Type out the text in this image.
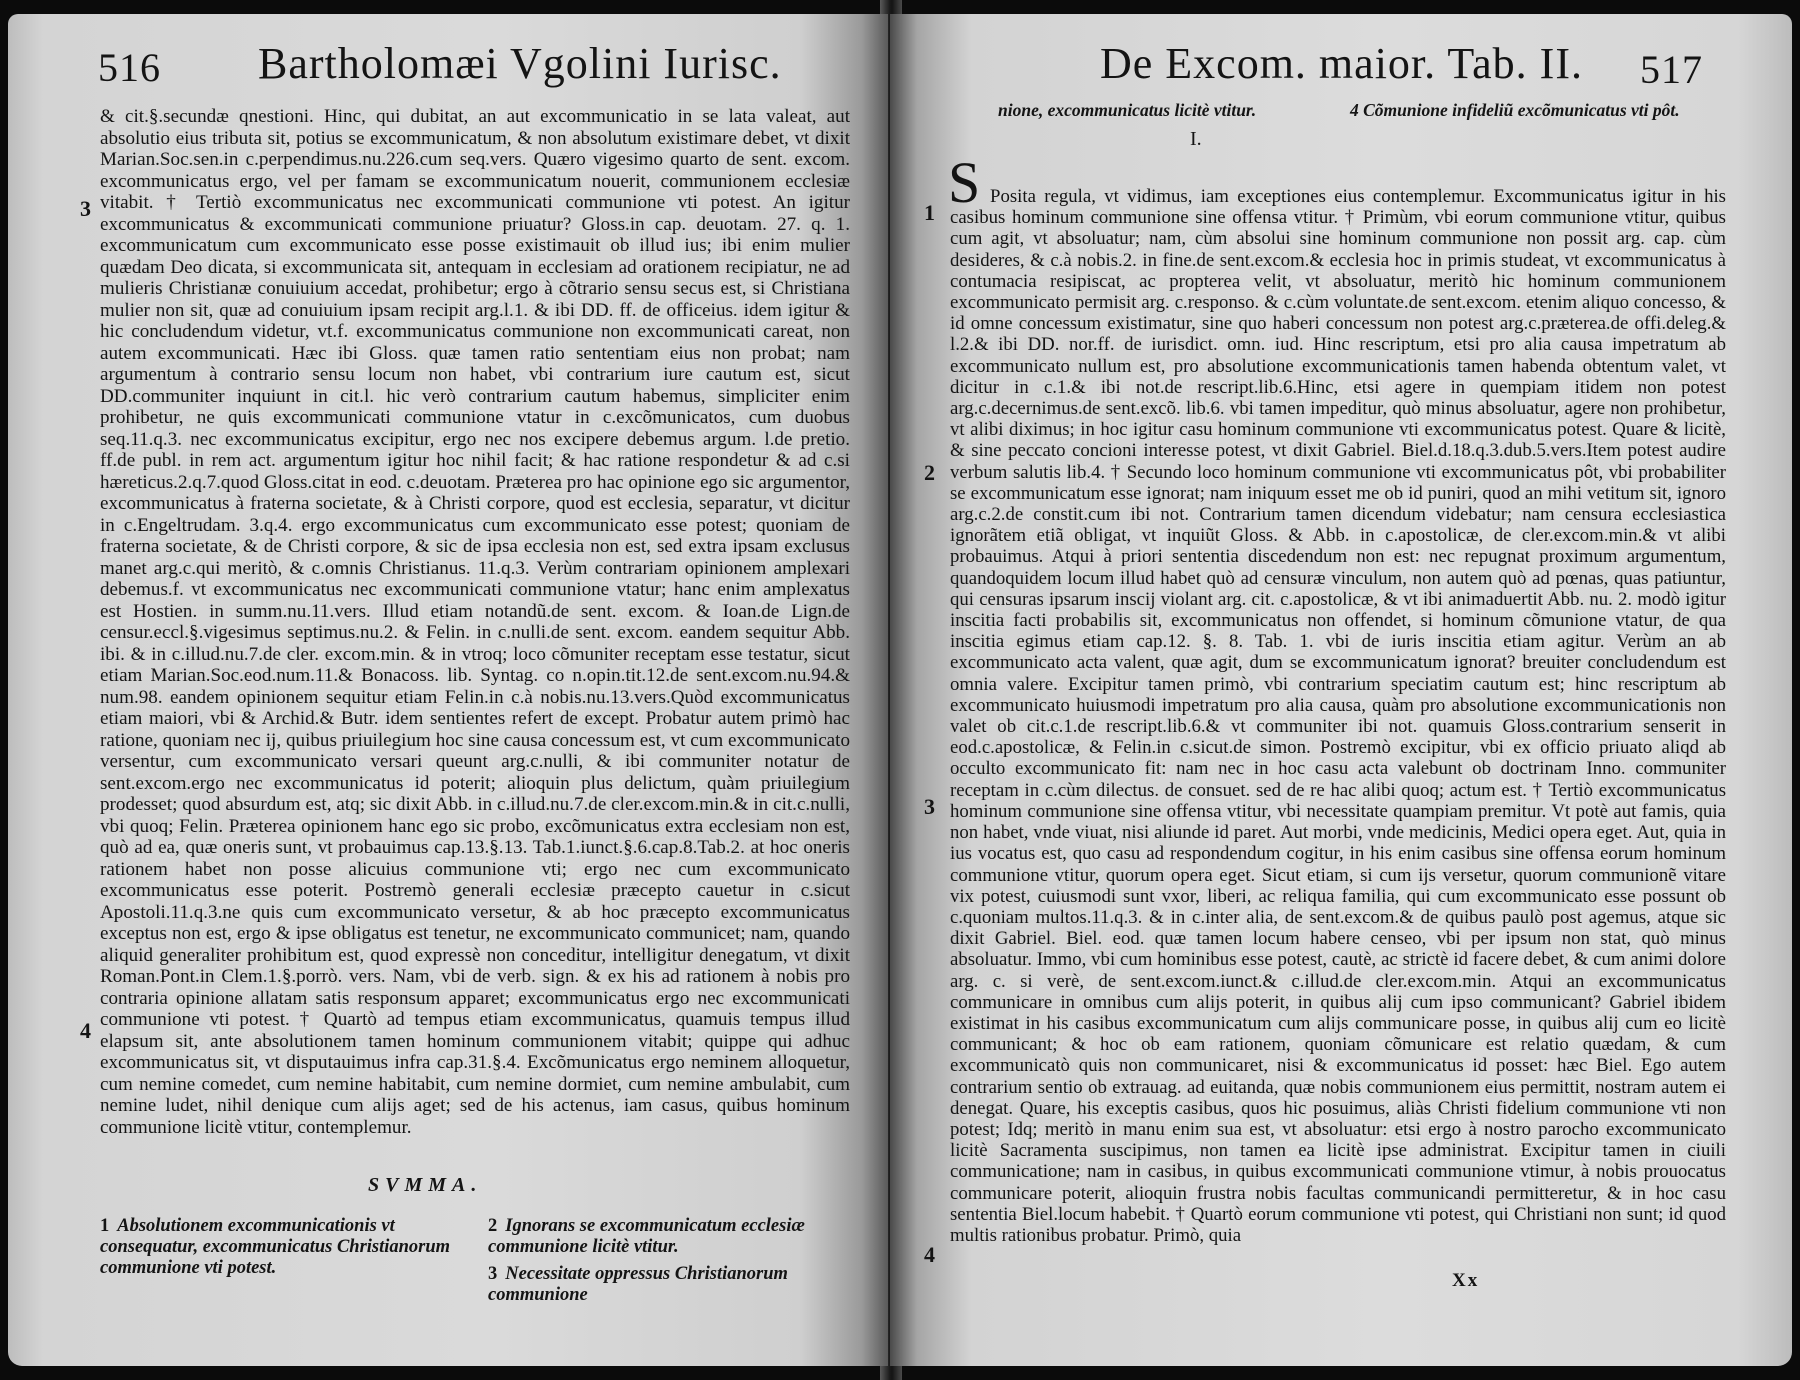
516 Bartholomæi Vgolini Iurisc.
& cit.§.secundæ qnestioni. Hinc, qui dubitat, an aut excommunicatio in se lata valeat, aut absolutio eius tributa sit, potius se excommunicatum, & non absolutum existimare debet, vt dixit Marian.Soc.sen.in c.perpendimus.nu.226.cum seq.vers. Quæro vigesimo quarto de sent. excom. excommunicatus ergo, vel per famam se excommunicatum nouerit, communionem ecclesiæ vitabit. † Tertiò excommunicatus nec excommunicati communione vti potest. An igitur excommunicatus & excommunicati communione priuatur? Gloss.in cap. deuotam. 27. q. 1. excommunicatum cum excommunicato esse posse existimauit ob illud ius; ibi enim mulier quædam Deo dicata, si excommunicata sit, antequam in ecclesiam ad orationem recipiatur, ne ad mulieris Christianæ conuiuium accedat, prohibetur; ergo à cõtrario sensu secus est, si Christiana mulier non sit, quæ ad conuiuium ipsam recipit arg.l.1. & ibi DD. ff. de officeius. idem igitur & hic concludendum videtur, vt.f. excommunicatus communione non excommunicati careat, non autem excommunicati. Hæc ibi Gloss. quæ tamen ratio sententiam eius non probat; nam argumentum à contrario sensu locum non habet, vbi contrarium iure cautum est, sicut DD.communiter inquiunt in cit.l. hic verò contrarium cautum habemus, simpliciter enim prohibetur, ne quis excommunicati communione vtatur in c.excõmunicatos, cum duobus seq.11.q.3. nec excommunicatus excipitur, ergo nec nos excipere debemus argum. l.de pretio. ff.de publ. in rem act. argumentum igitur hoc nihil facit; & hac ratione respondetur & ad c.si hæreticus.2.q.7.quod Gloss.citat in eod. c.deuotam. Præterea pro hac opinione ego sic argumentor, excommunicatus à fraterna societate, & à Christi corpore, quod est ecclesia, separatur, vt dicitur in c.Engeltrudam. 3.q.4. ergo excommunicatus cum excommunicato esse potest; quoniam de fraterna societate, & de Christi corpore, & sic de ipsa ecclesia non est, sed extra ipsam exclusus manet arg.c.qui meritò, & c.omnis Christianus. 11.q.3. Verùm contrariam opinionem amplexari debemus.f. vt excommunicatus nec excommunicati communione vtatur; hanc enim amplexatus est Hostien. in summ.nu.11.vers. Illud etiam notandũ.de sent. excom. & Ioan.de Lign.de censur.eccl.§.vigesimus septimus.nu.2. & Felin. in c.nulli.de sent. excom. eandem sequitur Abb. ibi. & in c.illud.nu.7.de cler. excom.min. & in vtroq; loco cõmuniter receptam esse testatur, sicut etiam Marian.Soc.eod.num.11.& Bonacoss. lib. Syntag. co n.opin.tit.12.de sent.excom.nu.94.& num.98. eandem opinionem sequitur etiam Felin.in c.à nobis.nu.13.vers.Quòd excommunicatus etiam maiori, vbi & Archid.& Butr. idem sentientes refert de except. Probatur autem primò hac ratione, quoniam nec ij, quibus priuilegium hoc sine causa concessum est, vt cum excommunicato versentur, cum excommunicato versari queunt arg.c.nulli, & ibi communiter notatur de sent.excom.ergo nec excommunicatus id poterit; alioquin plus delictum, quàm priuilegium prodesset; quod absurdum est, atq; sic dixit Abb. in c.illud.nu.7.de cler.excom.min.& in cit.c.nulli, vbi quoq; Felin. Præterea opinionem hanc ego sic probo, excõmunicatus extra ecclesiam non est, quò ad ea, quæ oneris sunt, vt probauimus cap.13.§.13. Tab.1.iunct.§.6.cap.8.Tab.2. at hoc oneris rationem habet non posse alicuius communione vti; ergo nec cum excommunicato excommunicatus esse poterit. Postremò generali ecclesiæ præcepto cauetur in c.sicut Apostoli.11.q.3.ne quis cum excommunicato versetur, & ab hoc præcepto excommunicatus exceptus non est, ergo & ipse obligatus est tenetur, ne excommunicato communicet; nam, quando aliquid generaliter prohibitum est, quod expressè non conceditur, intelligitur denegatum, vt dixit Roman.Pont.in Clem.1.§.porrò. vers. Nam, vbi de verb. sign. & ex his ad rationem à nobis pro contraria opinione allatam satis responsum apparet; excommunicatus ergo nec excommunicati communione vti potest. † Quartò ad tempus etiam excommunicatus, quamuis tempus illud elapsum sit, ante absolutionem tamen hominum communionem vitabit; quippe qui adhuc excommunicatus sit, vt disputauimus infra cap.31.§.4. Excõmunicatus ergo neminem alloquetur, cum nemine comedet, cum nemine habitabit, cum nemine dormiet, cum nemine ambulabit, cum nemine ludet, nihil denique cum alijs aget; sed de his actenus, iam casus, quibus hominum communione licitè vtitur, contemplemur.
3
4
SVMMA.
1 Absolutionem excommunicationis vt consequatur, excommunicatus Christianorum communione vti potest.
2 Ignorans se excommunicatum ecclesiæ communione licitè vtitur.
3 Necessitate oppressus Christianorum communione
De Excom. maior. Tab. II. 517
nione, excommunicatus licitè vtitur.	4 Cõmunione infideliũ excõmunicatus vti pôt.
I.
S Posita regula, vt vidimus, iam exceptiones eius contemplemur. Excommunicatus igitur in his casibus hominum communione sine offensa vtitur. † Primùm, vbi eorum communione vtitur, quibus cum agit, vt absoluatur; nam, cùm absolui sine hominum communione non possit arg. cap. cùm desideres, & c.à nobis.2. in fine.de sent.excom.& ecclesia hoc in primis studeat, vt excommunicatus à contumacia resipiscat, ac propterea velit, vt absoluatur, meritò hic hominum communionem excommunicato permisit arg. c.responso. & c.cùm voluntate.de sent.excom. etenim aliquo concesso, & id omne concessum existimatur, sine quo haberi concessum non potest arg.c.præterea.de offi.deleg.& l.2.& ibi DD. nor.ff. de iurisdict. omn. iud. Hinc rescriptum, etsi pro alia causa impetratum ab excommunicato nullum est, pro absolutione excommunicationis tamen habenda obtentum valet, vt dicitur in c.1.& ibi not.de rescript.lib.6.Hinc, etsi agere in quempiam itidem non potest arg.c.decernimus.de sent.excõ. lib.6. vbi tamen impeditur, quò minus absoluatur, agere non prohibetur, vt alibi diximus; in hoc igitur casu hominum communione vti excommunicatus potest. Quare & licitè, & sine peccato concioni interesse potest, vt dixit Gabriel. Biel.d.18.q.3.dub.5.vers.Item potest audire verbum salutis lib.4. † Secundo loco hominum communione vti excommunicatus pôt, vbi probabiliter se excommunicatum esse ignorat; nam iniquum esset me ob id puniri, quod an mihi vetitum sit, ignoro arg.c.2.de constit.cum ibi not. Contrarium tamen dicendum videbatur; nam censura ecclesiastica ignorãtem etiã obligat, vt inquiũt Gloss. & Abb. in c.apostolicæ, de cler.excom.min.& vt alibi probauimus. Atqui à priori sententia discedendum non est: nec repugnat proximum argumentum, quandoquidem locum illud habet quò ad censuræ vinculum, non autem quò ad pœnas, quas patiuntur, qui censuras ipsarum inscij violant arg. cit. c.apostolicæ, & vt ibi animaduertit Abb. nu. 2. modò igitur inscitia facti probabilis sit, excommunicatus non offendet, si hominum cõmunione vtatur, de qua inscitia egimus etiam cap.12. §. 8. Tab. 1. vbi de iuris inscitia etiam agitur. Verùm an ab excommunicato acta valent, quæ agit, dum se excommunicatum ignorat? breuiter concludendum est omnia valere. Excipitur tamen primò, vbi contrarium speciatim cautum est; hinc rescriptum ab excommunicato huiusmodi impetratum pro alia causa, quàm pro absolutione excommunicationis non valet ob cit.c.1.de rescript.lib.6.& vt communiter ibi not. quamuis Gloss.contrarium senserit in eod.c.apostolicæ, & Felin.in c.sicut.de simon. Postremò excipitur, vbi ex officio priuato aliqd ab occulto excommunicato fit: nam nec in hoc casu acta valebunt ob doctrinam Inno. communiter receptam in c.cùm dilectus. de consuet. sed de re hac alibi quoq; actum est. † Tertiò excommunicatus hominum communione sine offensa vtitur, vbi necessitate quampiam premitur. Vt potè aut famis, quia non habet, vnde viuat, nisi aliunde id paret. Aut morbi, vnde medicinis, Medici opera eget. Aut, quia in ius vocatus est, quo casu ad respondendum cogitur, in his enim casibus sine offensa eorum hominum communione vtitur, quorum opera eget. Sicut etiam, si cum ijs versetur, quorum communionẽ vitare vix potest, cuiusmodi sunt vxor, liberi, ac reliqua familia, qui cum excommunicato esse possunt ob c.quoniam multos.11.q.3. & in c.inter alia, de sent.excom.& de quibus paulò post agemus, atque sic dixit Gabriel. Biel. eod. quæ tamen locum habere censeo, vbi per ipsum non stat, quò minus absoluatur. Immo, vbi cum hominibus esse potest, cautè, ac strictè id facere debet, & cum animi dolore arg. c. si verè, de sent.excom.iunct.& c.illud.de cler.excom.min. Atqui an excommunicatus communicare in omnibus cum alijs poterit, in quibus alij cum ipso communicant? Gabriel ibidem existimat in his casibus excommunicatum cum alijs communicare posse, in quibus alij cum eo licitè communicant; & hoc ob eam rationem, quoniam cõmunicare est relatio quædam, & cum excommunicatò quis non communicaret, nisi & excommunicatus id posset: hæc Biel. Ego autem contrarium sentio ob extrauag. ad euitanda, quæ nobis communionem eius permittit, nostram autem ei denegat. Quare, his exceptis casibus, quos hic posuimus, aliàs Christi fidelium communione vti non potest; Idq; meritò in manu enim sua est, vt absoluatur: etsi ergo à nostro parocho excommunicato licitè Sacramenta suscipimus, non tamen ea licitè ipse administrat. Excipitur tamen in ciuili communicatione; nam in casibus, in quibus excommunicati communione vtimur, à nobis prouocatus communicare poterit, alioquin frustra nobis facultas communicandi permitteretur, & in hoc casu sententia Biel.locum habebit. † Quartò eorum communione vti potest, qui Christiani non sunt; id quod multis rationibus probatur. Primò, quia
1
2
3
4
Xx
